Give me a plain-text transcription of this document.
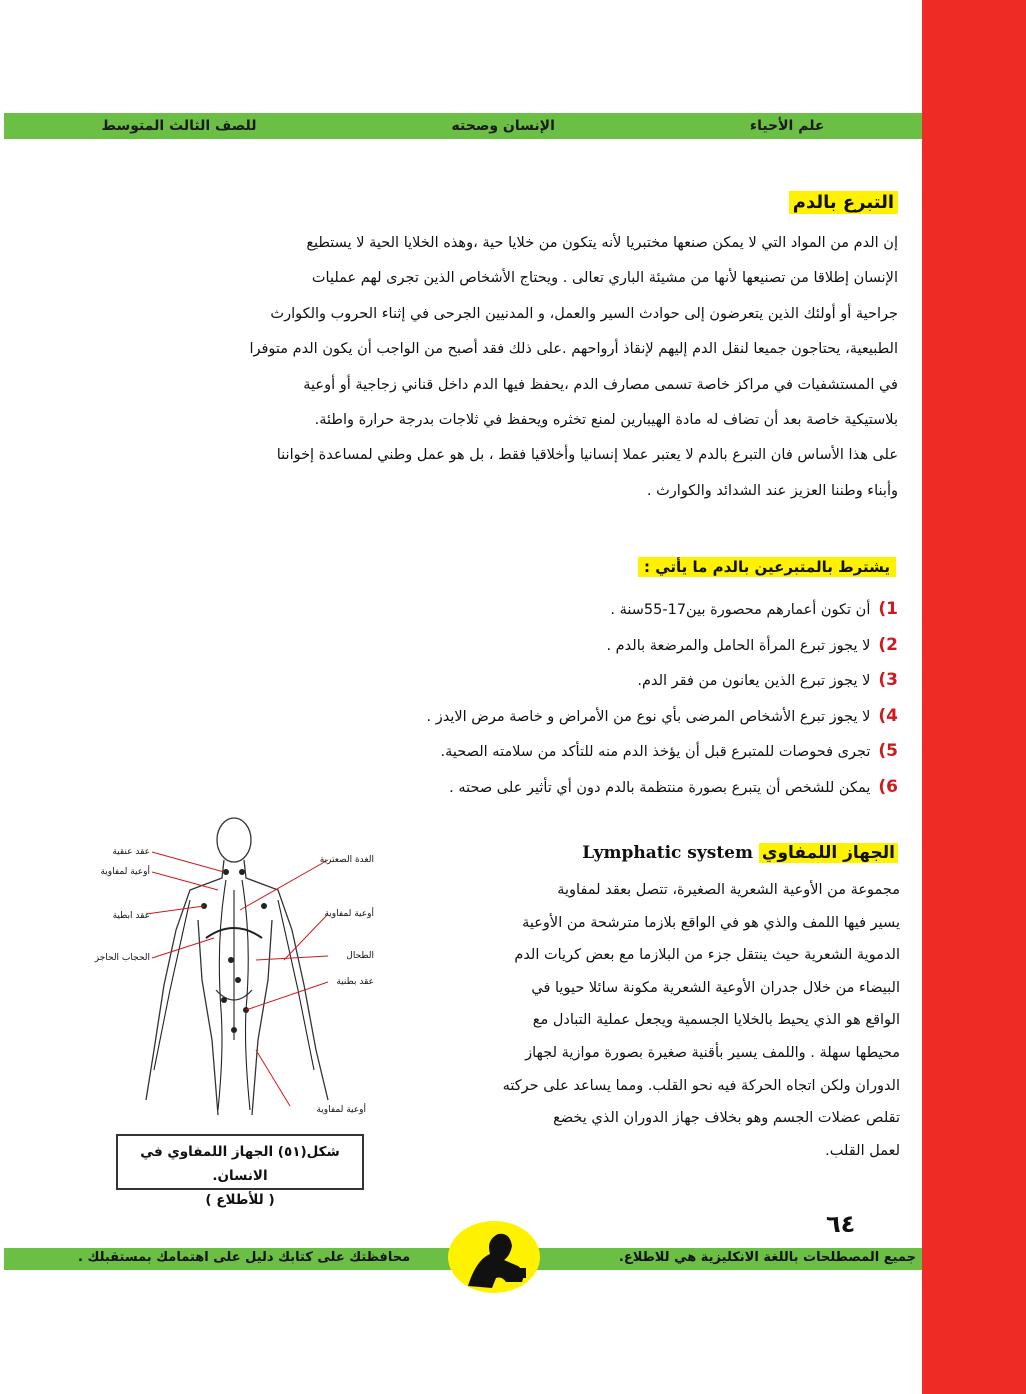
علم الأحياء
الإنسان وصحته
للصف الثالث المتوسط
التبرع بالدم
إن الدم من المواد التي لا يمكن صنعها مختبريا لأنه يتكون من خلايا حية ،وهذه الخلايا الحية لا يستطيع
الإنسان إطلاقا من تصنيعها لأنها من مشيئة الباري تعالى . ويحتاج الأشخاص الذين تجرى لهم عمليات
جراحية أو أولئك الذين يتعرضون إلى حوادث السير والعمل، و المدنيين الجرحى في إثناء الحروب والكوارث
الطبيعية، يحتاجون جميعا لنقل الدم إليهم لإنقاذ أرواحهم .على ذلك فقد أصبح من الواجب أن يكون الدم متوفرا
في المستشفيات في مراكز خاصة تسمى مصارف الدم ،يحفظ فيها الدم داخل قناني زجاجية أو أوعية
بلاستيكية خاصة بعد أن تضاف له مادة الهيبارين لمنع تخثره ويحفظ في ثلاجات بدرجة حرارة واطئة.
على هذا الأساس فان التبرع بالدم لا يعتبر عملا إنسانيا وأخلاقيا فقط ، بل هو عمل وطني لمساعدة إخواننا
وأبناء وطننا العزيز عند الشدائد والكوارث .
يشترط بالمتبرعين بالدم ما يأتي :
1)أن تكون أعمارهم محصورة بين17-55سنة .
2)لا يجوز تبرع المرأة الحامل والمرضعة بالدم .
3)لا يجوز تبرع الذين يعانون من فقر الدم.
4)لا يجوز تبرع الأشخاص المرضى بأي نوع من الأمراض و خاصة مرض الايدز .
5)تجرى فحوصات للمتبرع قبل أن يؤخذ الدم منه للتأكد من سلامته الصحية.
6)يمكن للشخص أن يتبرع بصورة منتظمة بالدم دون أي تأثير على صحته .
الجهاز اللمفاوي Lymphatic system
مجموعة من الأوعية الشعرية الصغيرة، تتصل بعقد لمفاوية
يسير فيها اللمف والذي هو في الواقع بلازما مترشحة من الأوعية
الدموية الشعرية حيث ينتقل جزء من البلازما مع بعض كريات الدم
البيضاء من خلال جدران الأوعية الشعرية مكونة سائلا حيويا في
الواقع هو الذي يحيط بالخلايا الجسمية ويجعل عملية التبادل مع
محيطها سهلة . واللمف يسير بأقنية صغيرة بصورة موازية لجهاز
الدوران ولكن اتجاه الحركة فيه نحو القلب. ومما يساعد على حركته
تقلص عضلات الجسم وهو بخلاف جهاز الدوران الذي يخضع
لعمل القلب.
عقد عنقية
أوعية لمفاوية
عقد ابطية
الحجاب الحاجز
الغدة الصعترية
أوعية لمفاوية
الطحال
عقد بطنية
أوعية لمفاوية
شكل(٥١) الجهاز اللمفاوي في الانسان.
( للأطلاع )
٦٤
جميع المصطلحات باللغة الانكليزية هي للاطلاع.
محافظتك على كتابك دليل على اهتمامك بمستقبلك .
